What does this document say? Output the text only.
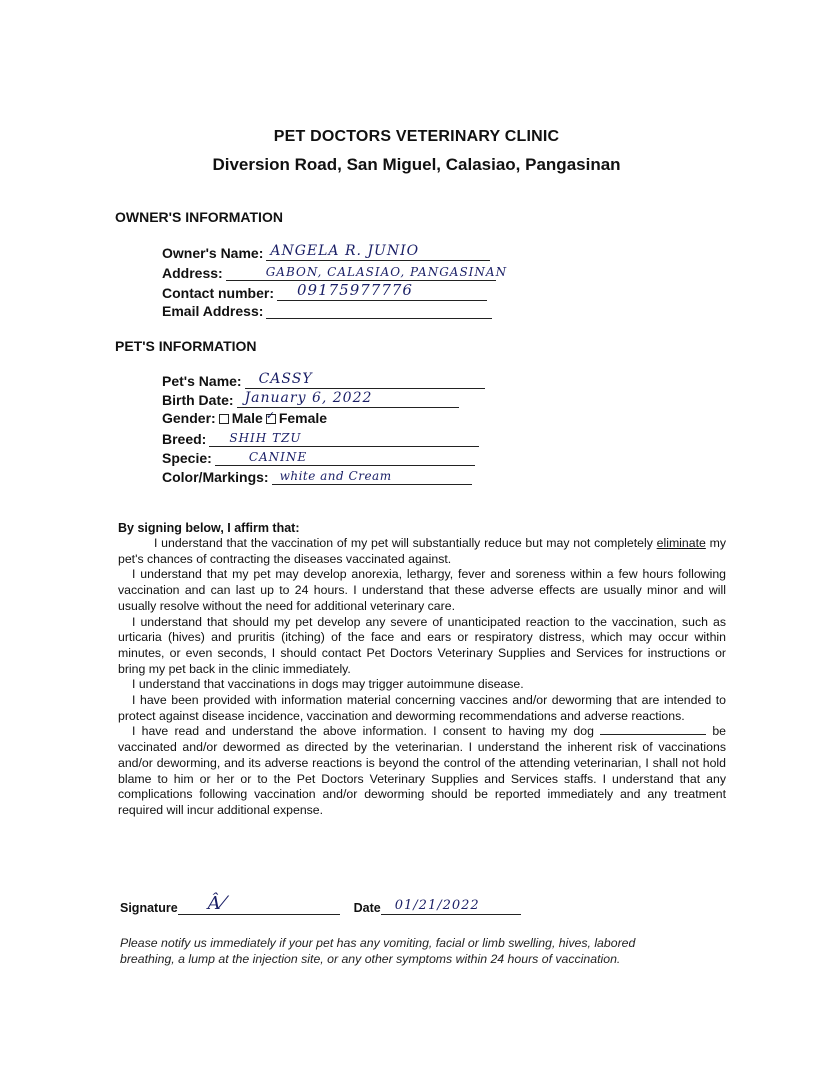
PET DOCTORS VETERINARY CLINIC
Diversion Road, San Miguel, Calasiao, Pangasinan
OWNER'S INFORMATION
Owner's Name: ANGELA R. JUNIO
Address:	GABON, CALASIAO, PANGASINAN
Contact number: 09175977776
Email Address:
PET'S INFORMATION
Pet's Name: CASSY
Birth Date: January 6, 2022
Gender: Male ✓ Female
Breed: SHIH TZU
Specie:	CANINE
Color/Markings: white and Cream
By signing below, I affirm that:

I understand that the vaccination of my pet will substantially reduce but may not completely eliminate my pet's chances of contracting the diseases vaccinated against.

I understand that my pet may develop anorexia, lethargy, fever and soreness within a few hours following vaccination and can last up to 24 hours. I understand that these adverse effects are usually minor and will usually resolve without the need for additional veterinary care.

I understand that should my pet develop any severe of unanticipated reaction to the vaccination, such as urticaria (hives) and pruritis (itching) of the face and ears or respiratory distress, which may occur within minutes, or even seconds, I should contact Pet Doctors Veterinary Supplies and Services for instructions or bring my pet back in the clinic immediately.

I understand that vaccinations in dogs may trigger autoimmune disease.

I have been provided with information material concerning vaccines and/or deworming that are intended to protect against disease incidence, vaccination and deworming recommendations and adverse reactions.

I have read and understand the above information. I consent to having my dog	be vaccinated and/or dewormed as directed by the veterinarian. I understand the inherent risk of vaccinations and/or deworming, and its adverse reactions is beyond the control of the attending veterinarian, I shall not hold blame to him or her or to the Pet Doctors Veterinary Supplies and Services staffs. I understand that any complications following vaccination and/or deworming should be reported immediately and any treatment required will incur additional expense.

Signature Â⁄	Date 01/21/2022
Please notify us immediately if your pet has any vomiting, facial or limb swelling, hives, labored breathing, a lump at the injection site, or any other symptoms within 24 hours of vaccination.
